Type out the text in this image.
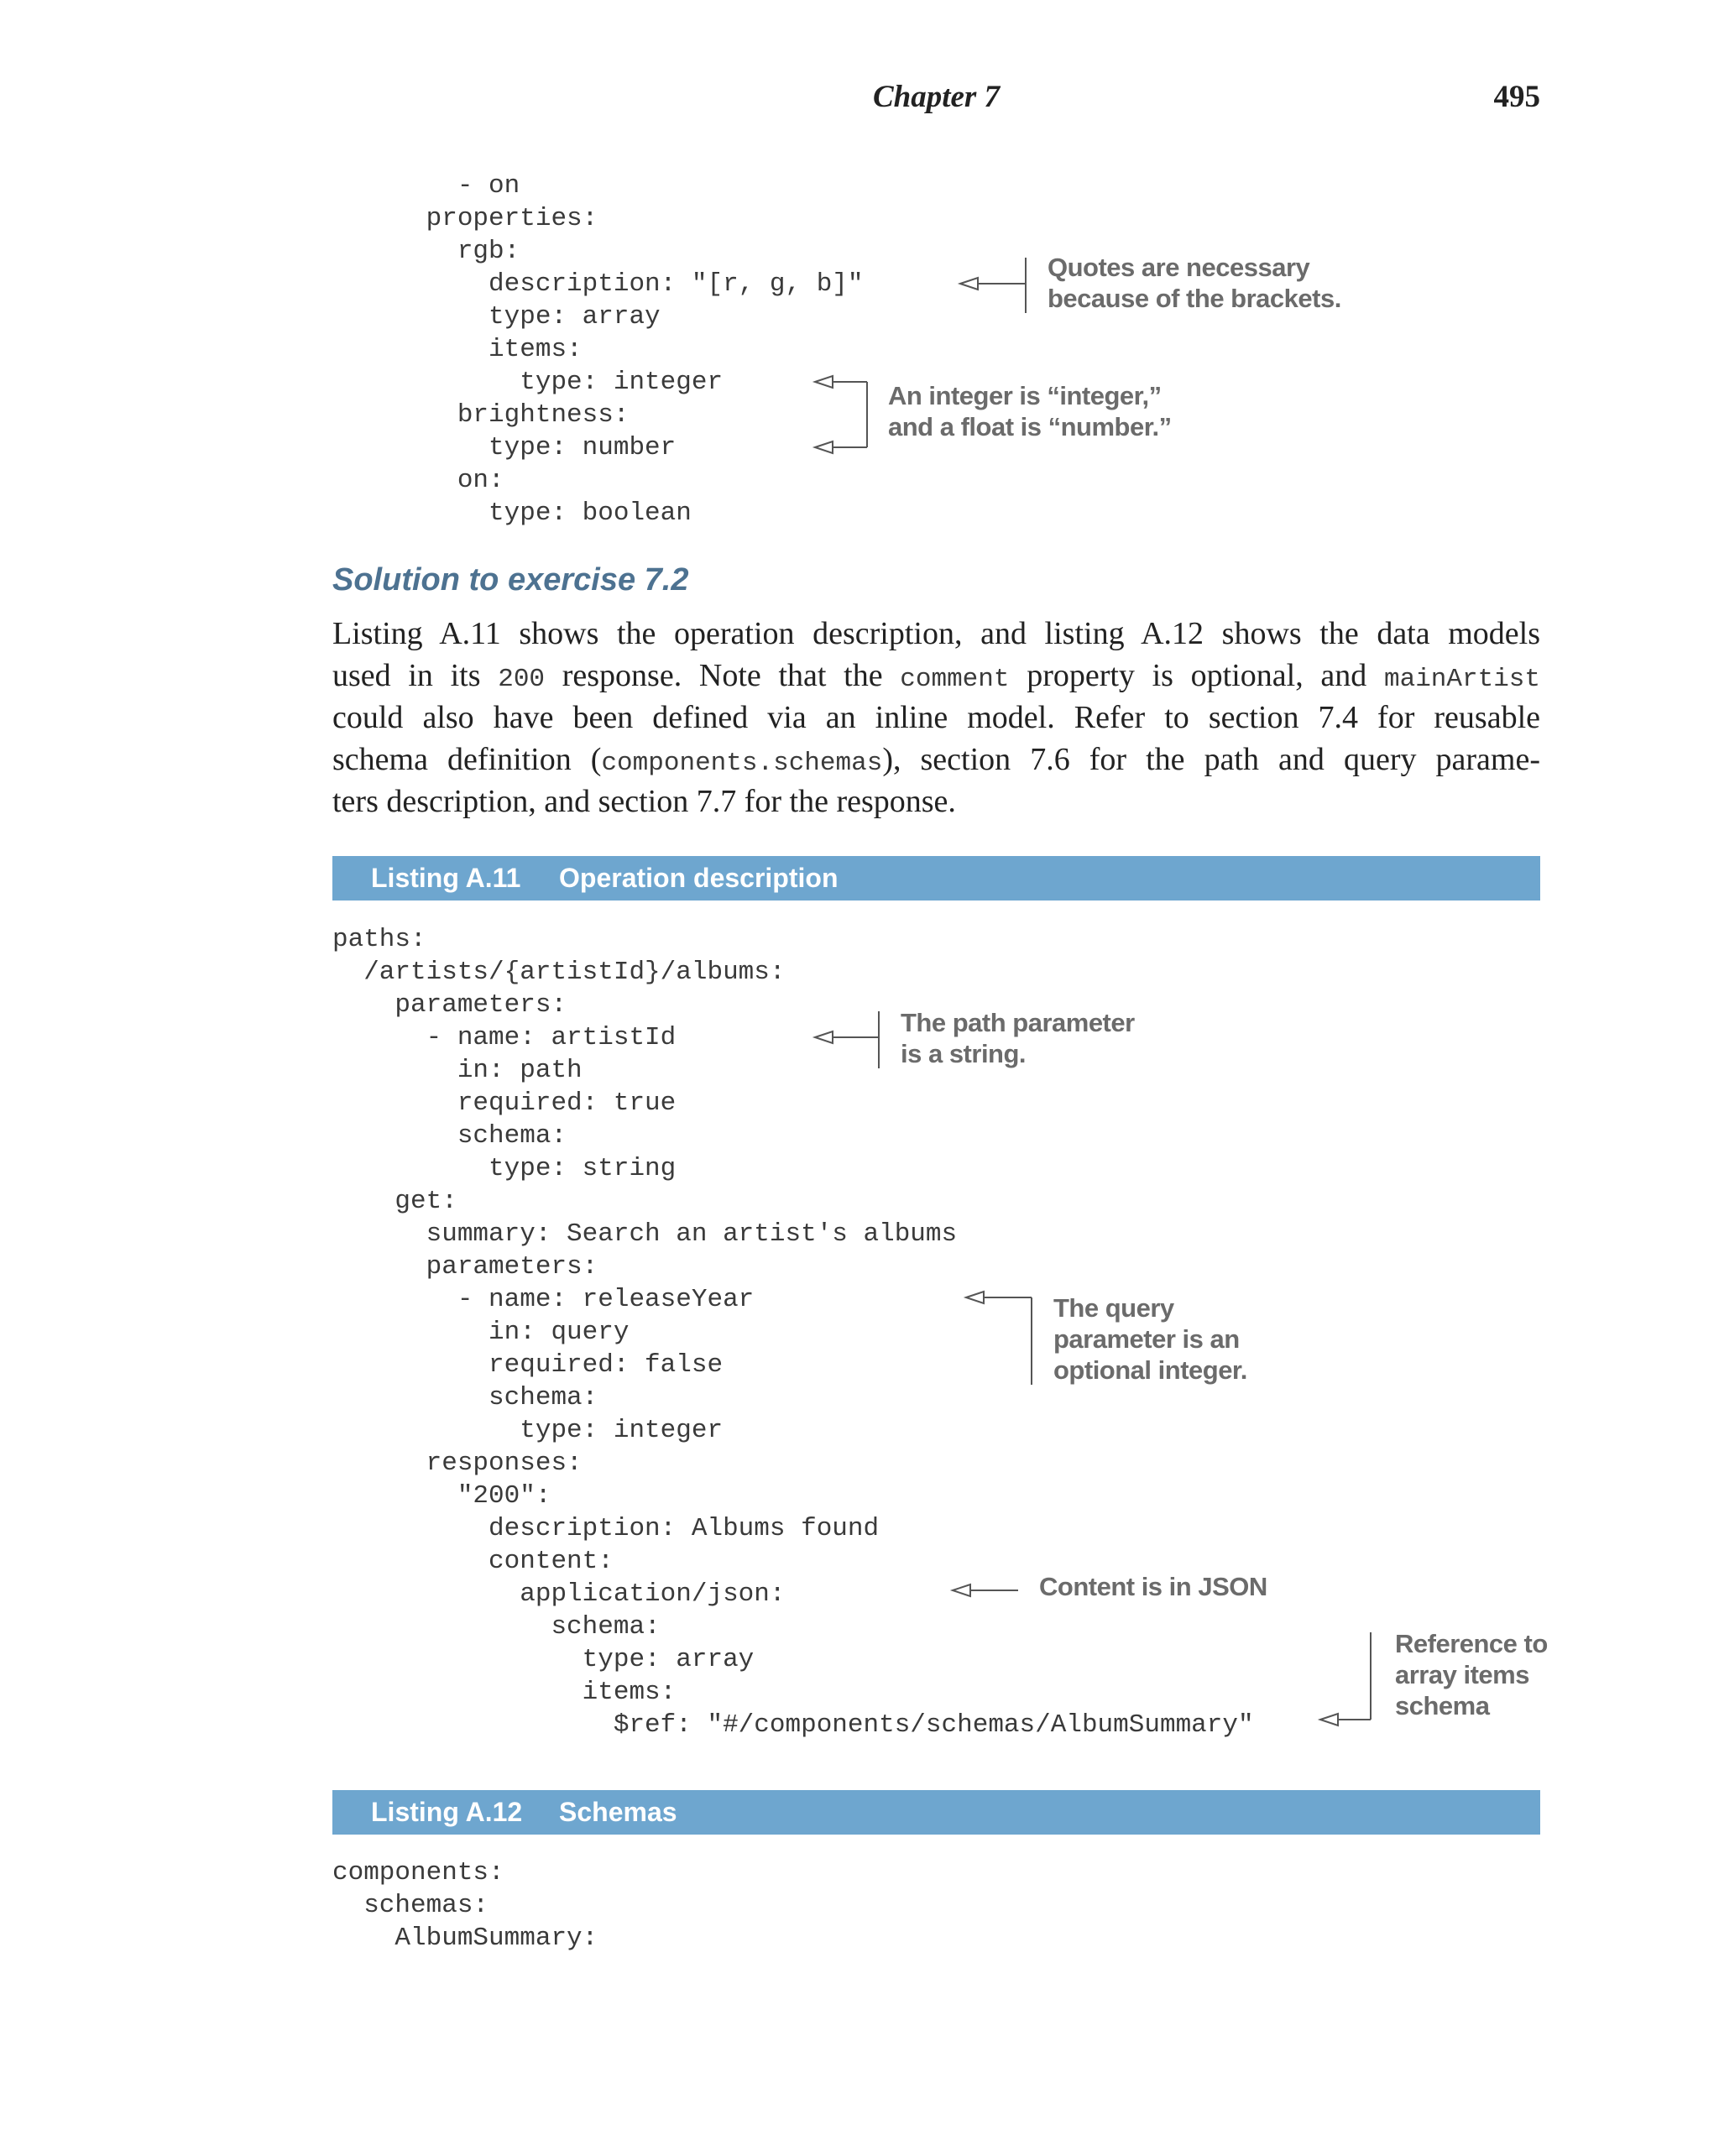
Chapter 7	495
- on
properties:
rgb:
description: "[r, g, b]"
type: array
items:
type: integer
brightness:
type: number
on:
type: boolean
Quotes are necessary
because of the brackets.
An integer is “integer,”
and a float is “number.”
Solution to exercise 7.2
Listing A.11 shows the operation description, and listing A.12 shows the data models
used in its 200 response. Note that the comment property is optional, and mainArtist
could also have been defined via an inline model. Refer to section 7.4 for reusable
schema definition (components.schemas), section 7.6 for the path and query parame-
ters description, and section 7.7 for the response.
Listing A.11 Operation description
paths:
/artists/{artistId}/albums:
parameters:
- name: artistId
in: path
required: true
schema:
type: string
get:
summary: Search an artist's albums
parameters:
- name: releaseYear
in: query
required: false
schema:
type: integer
responses:
"200":
description: Albums found
content:
application/json:
schema:
type: array
items:
$ref: "#/components/schemas/AlbumSummary"
The path parameter
is a string.
The query
parameter is an
optional integer.
Content is in JSON
Reference to
array items
schema
Listing A.12 Schemas
components:
schemas:
AlbumSummary:
